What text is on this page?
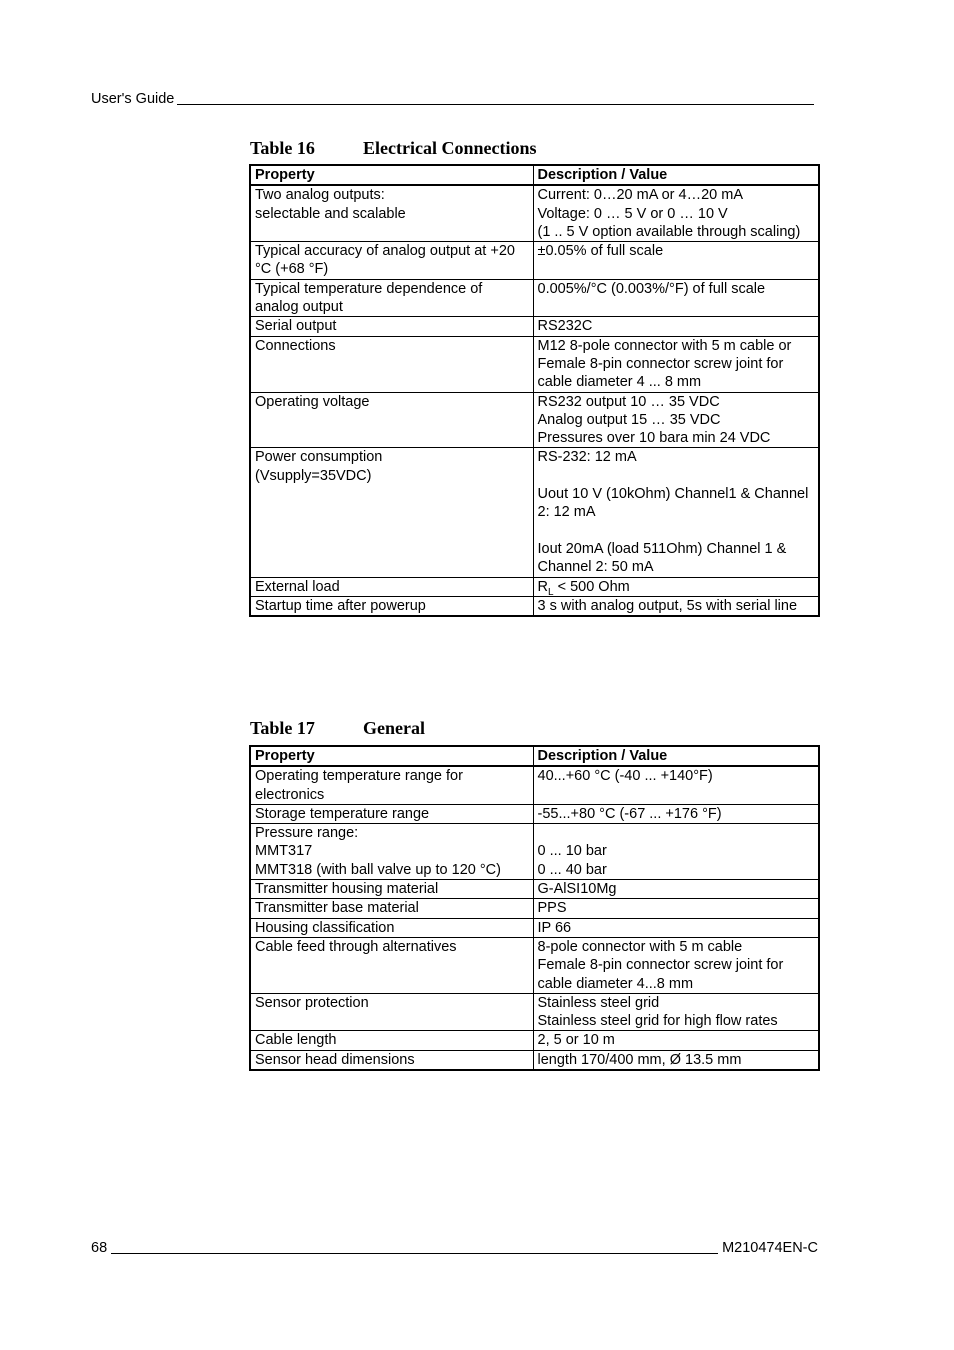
User's Guide
Table 16	Electrical Connections
Property	Description / Value

Two analog outputs:
selectable and scalable	Current: 0…20 mA or 4…20 mA
Voltage: 0 … 5 V or 0 … 10 V
(1 .. 5 V option available through scaling)

Typical accuracy of analog output at +20 °C (+68 °F)	±0.05% of full scale

Typical temperature dependence of analog output	0.005%/°C (0.003%/°F) of full scale

Serial output	RS232C

Connections	M12 8-pole connector with 5 m cable or
Female 8-pin connector screw joint for cable diameter 4 ... 8 mm

Operating voltage	RS232 output 10 … 35 VDC
Analog output 15 … 35 VDC
Pressures over 10 bara min 24 VDC

Power consumption
(Vsupply=35VDC)	RS-232: 12 mA
Uout 10 V (10kOhm) Channel1 & Channel 2: 12 mA
Iout 20mA (load 511Ohm) Channel 1 & Channel 2: 50 mA

External load	$R_L < 500$ Ohm

Startup time after powerup	3 s with analog output, 5s with serial line
Table 17	General
Property	Description / Value

Operating temperature range for electronics	40...+60 °C (-40 ... +140°F)

Storage temperature range	-55...+80 °C (-67 ... +176 °F)

Pressure range:
MMT317
MMT318 (with ball valve up to 120 °C)	0 ... 10 bar
0 ... 40 bar

Transmitter housing material	G-AlSI10Mg

Transmitter base material	PPS

Housing classification	IP 66

Cable feed through alternatives	8-pole connector with 5 m cable
Female 8-pin connector screw joint for cable diameter 4...8 mm

Sensor protection	Stainless steel grid
Stainless steel grid for high flow rates

Cable length	2, 5 or 10 m

Sensor head dimensions	length 170/400 mm, Ø 13.5 mm
68	M210474EN-C
